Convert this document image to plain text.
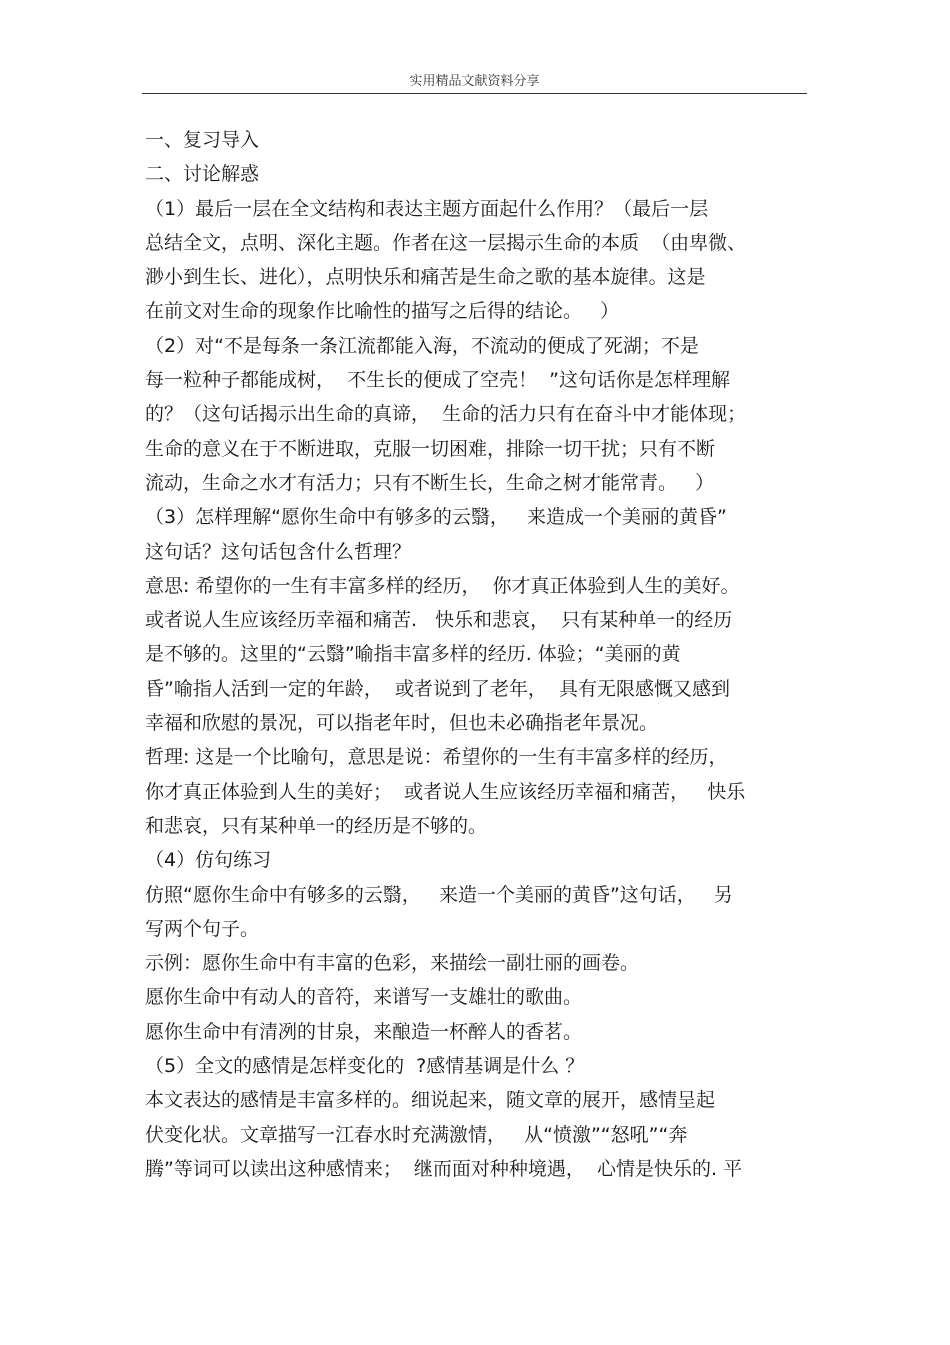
实用精品文献资料分享
一、复习导入
二、讨论解惑
（1）最后一层在全文结构和表达主题方面起什么作用？（最后一层
总结全文，点明、深化主题。作者在这一层揭示生命的本质  （由卑微、
渺小到生长、进化），点明快乐和痛苦是生命之歌的基本旋律。这是
在前文对生命的现象作比喻性的描写之后得的结论。   ）
（2）对“不是每条一条江流都能入海，不流动的便成了死湖；不是
每一粒种子都能成树，  不生长的便成了空壳！  ”这句话你是怎样理解
的？（这句话揭示出生命的真谛，  生命的活力只有在奋斗中才能体现；
生命的意义在于不断进取，克服一切困难，排除一切干扰；只有不断
流动，生命之水才有活力；只有不断生长，生命之树才能常青。   ）
（3）怎样理解“愿你生命中有够多的云翳，   来造成一个美丽的黄昏”
这句话？这句话包含什么哲理？
意思: 希望你的一生有丰富多样的经历，  你才真正体验到人生的美好。
或者说人生应该经历幸福和痛苦.   快乐和悲哀，  只有某种单一的经历
是不够的。这里的“云翳”喻指丰富多样的经历. 体验；“美丽的黄
昏”喻指人活到一定的年龄，  或者说到了老年，  具有无限感慨又感到
幸福和欣慰的景况，可以指老年时，但也未必确指老年景况。
哲理: 这是一个比喻句，意思是说：希望你的一生有丰富多样的经历，
你才真正体验到人生的美好；  或者说人生应该经历幸福和痛苦，   快乐
和悲哀，只有某种单一的经历是不够的。
（4）仿句练习
仿照“愿你生命中有够多的云翳，   来造一个美丽的黄昏”这句话，   另
写两个句子。
示例：愿你生命中有丰富的色彩，来描绘一副壮丽的画卷。
愿你生命中有动人的音符，来谱写一支雄壮的歌曲。
愿你生命中有清冽的甘泉，来酿造一杯醉人的香茗。
（5）全文的感情是怎样变化的  ?感情基调是什么 ？
本文表达的感情是丰富多样的。细说起来，随文章的展开，感情呈起
伏变化状。文章描写一江春水时充满激情，   从“愤激”“怒吼”“奔
腾”等词可以读出这种感情来；  继而面对种种境遇，  心情是快乐的. 平
